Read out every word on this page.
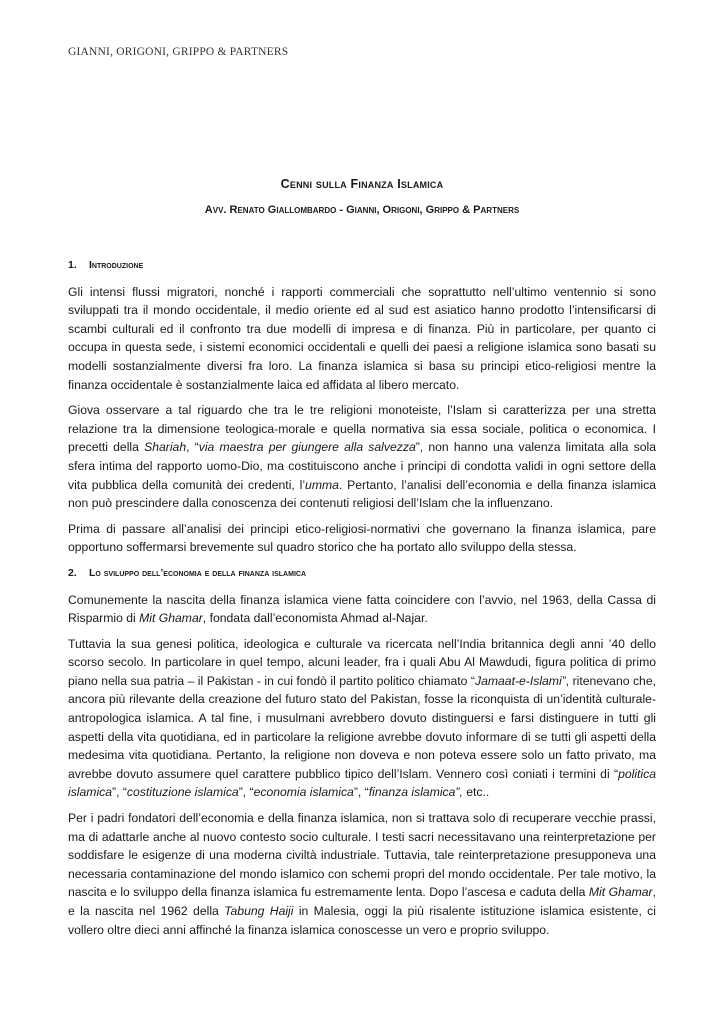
GIANNI, ORIGONI, GRIPPO & PARTNERS
Cenni sulla Finanza Islamica
Avv. Renato Giallombardo - Gianni, Origoni, Grippo & Partners
1. Introduzione

Gli intensi flussi migratori, nonché i rapporti commerciali che soprattutto nell’ultimo ventennio si sono sviluppati tra il mondo occidentale, il medio oriente ed al sud est asiatico hanno prodotto l’intensificarsi di scambi culturali ed il confronto tra due modelli di impresa e di finanza. Più in particolare, per quanto ci occupa in questa sede, i sistemi economici occidentali e quelli dei paesi a religione islamica sono basati su modelli sostanzialmente diversi fra loro. La finanza islamica si basa su principi etico-religiosi mentre la finanza occidentale è sostanzialmente laica ed affidata al libero mercato.

Giova osservare a tal riguardo che tra le tre religioni monoteiste, l’Islam si caratterizza per una stretta relazione tra la dimensione teologica-morale e quella normativa sia essa sociale, politica o economica. I precetti della Shariah, “via maestra per giungere alla salvezza”, non hanno una valenza limitata alla sola sfera intima del rapporto uomo-Dio, ma costituiscono anche i principi di condotta validi in ogni settore della vita pubblica della comunità dei credenti, l’umma. Pertanto, l’analisi dell’economia e della finanza islamica non può prescindere dalla conoscenza dei contenuti religiosi dell’Islam che la influenzano.

Prima di passare all’analisi dei principi etico-religiosi-normativi che governano la finanza islamica, pare opportuno soffermarsi brevemente sul quadro storico che ha portato allo sviluppo della stessa.

2. Lo sviluppo dell’economia e della finanza islamica

Comunemente la nascita della finanza islamica viene fatta coincidere con l’avvio, nel 1963, della Cassa di Risparmio di Mit Ghamar, fondata dall’economista Ahmad al-Najar.

Tuttavia la sua genesi politica, ideologica e culturale va ricercata nell’India britannica degli anni ’40 dello scorso secolo. In particolare in quel tempo, alcuni leader, fra i quali Abu Al Mawdudi, figura politica di primo piano nella sua patria – il Pakistan - in cui fondò il partito politico chiamato “Jamaat-e-Islami”, ritenevano che, ancora più rilevante della creazione del futuro stato del Pakistan, fosse la riconquista di un’identità culturale-antropologica islamica. A tal fine, i musulmani avrebbero dovuto distinguersi e farsi distinguere in tutti gli aspetti della vita quotidiana, ed in particolare la religione avrebbe dovuto informare di se tutti gli aspetti della medesima vita quotidiana. Pertanto, la religione non doveva e non poteva essere solo un fatto privato, ma avrebbe dovuto assumere quel carattere pubblico tipico dell’Islam. Vennero così coniati i termini di “politica islamica”, “costituzione islamica”, “economia islamica”, “finanza islamica”, etc..

Per i padri fondatori dell’economia e della finanza islamica, non si trattava solo di recuperare vecchie prassi, ma di adattarle anche al nuovo contesto socio culturale. I testi sacri necessitavano una reinterpretazione per soddisfare le esigenze di una moderna civiltà industriale. Tuttavia, tale reinterpretazione presupponeva una necessaria contaminazione del mondo islamico con schemi propri del mondo occidentale. Per tale motivo, la nascita e lo sviluppo della finanza islamica fu estremamente lenta. Dopo l’ascesa e caduta della Mit Ghamar, e la nascita nel 1962 della Tabung Haiji in Malesia, oggi la più risalente istituzione islamica esistente, ci vollero oltre dieci anni affinché la finanza islamica conoscesse un vero e proprio sviluppo.
